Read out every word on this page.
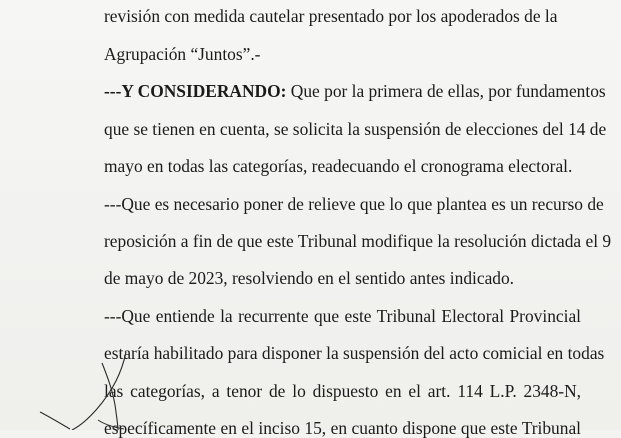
revisión con medida cautelar presentado por los apoderados de la
Agrupación “Juntos”.-
---Y CONSIDERANDO: Que por la primera de ellas, por fundamentos
que se tienen en cuenta, se solicita la suspensión de elecciones del 14 de
mayo en todas las categorías, readecuando el cronograma electoral.
---Que es necesario poner de relieve que lo que plantea es un recurso de
reposición a fin de que este Tribunal modifique la resolución dictada el 9
de mayo de 2023, resolviendo en el sentido antes indicado.
---Que entiende la recurrente que este Tribunal Electoral Provincial
estaría habilitado para disponer la suspensión del acto comicial en todas
las categorías, a tenor de lo dispuesto en el art. 114 L.P. 2348-N,
específicamente en el inciso 15, en cuanto dispone que este Tribunal
